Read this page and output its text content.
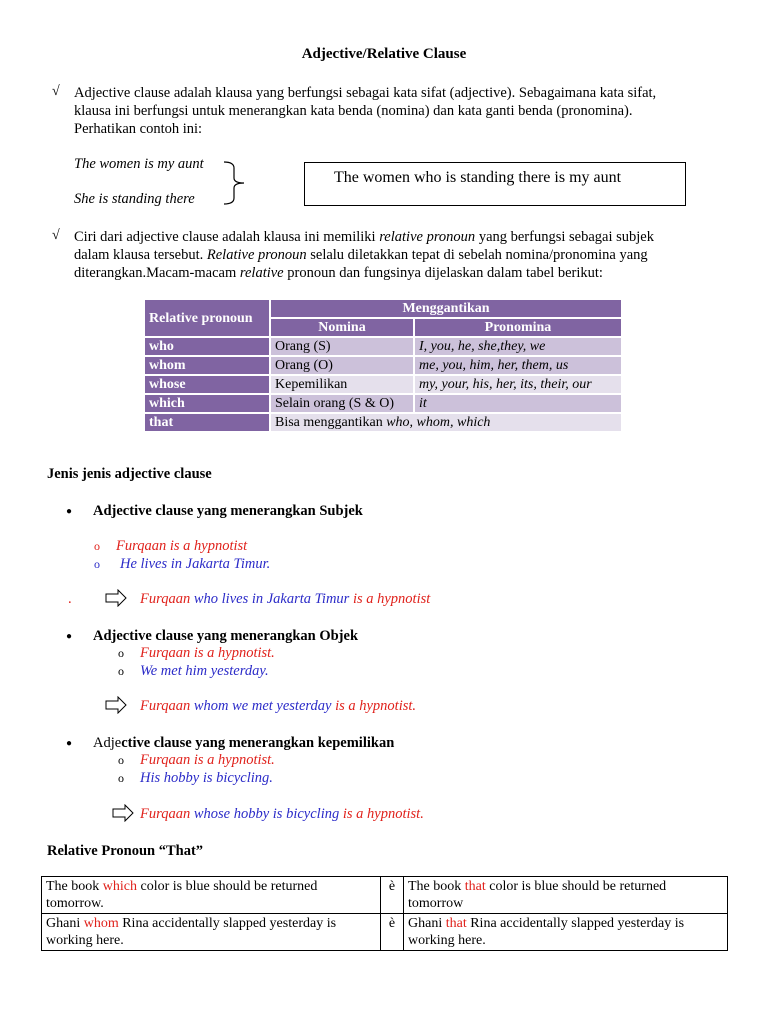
Adjective/Relative Clause
√ Adjective clause adalah klausa yang berfungsi sebagai kata sifat (adjective). Sebagaimana kata sifat,
klausa ini berfungsi untuk menerangkan kata benda (nomina) dan kata ganti benda (pronomina).
Perhatikan contoh ini:
The women is my aunt
She is standing there
The women who is standing there is my aunt
√ Ciri dari adjective clause adalah klausa ini memiliki relative pronoun yang berfungsi sebagai subjek
dalam klausa tersebut. Relative pronoun selalu diletakkan tepat di sebelah nomina/pronomina yang
diterangkan.Macam-macam relative pronoun dan fungsinya dijelaskan dalam tabel berikut:
Relative pronoun	Menggantikan	
	Nomina	Pronomina
who	Orang (S)	I, you, he, she,they, we
whom	Orang (O)	me, you, him, her, them, us
whose	Kepemilikan	my, your, his, her, its, their, our
which	Selain orang (S & O)	it
that	Bisa menggantikan who, whom, which	
Jenis jenis adjective clause
● Adjective clause yang menerangkan Subjek
o Furqaan is a hypnotist
o He lives in Jakarta Timur.
.	Furqaan who lives in Jakarta Timur is a hypnotist
● Adjective clause yang menerangkan Objek
o Furqaan is a hypnotist.
o We met him yesterday.
Furqaan whom we met yesterday is a hypnotist.
● Adjective clause yang menerangkan kepemilikan
o Furqaan is a hypnotist.
o His hobby is bicycling.
Furqaan whose hobby is bicycling is a hypnotist.
Relative Pronoun “That”
The book which color is blue should be returned tomorrow.	è	The book that color is blue should be returned tomorrow
Ghani whom Rina accidentally slapped yesterday is working here.	è	Ghani that Rina accidentally slapped yesterday is working here.
